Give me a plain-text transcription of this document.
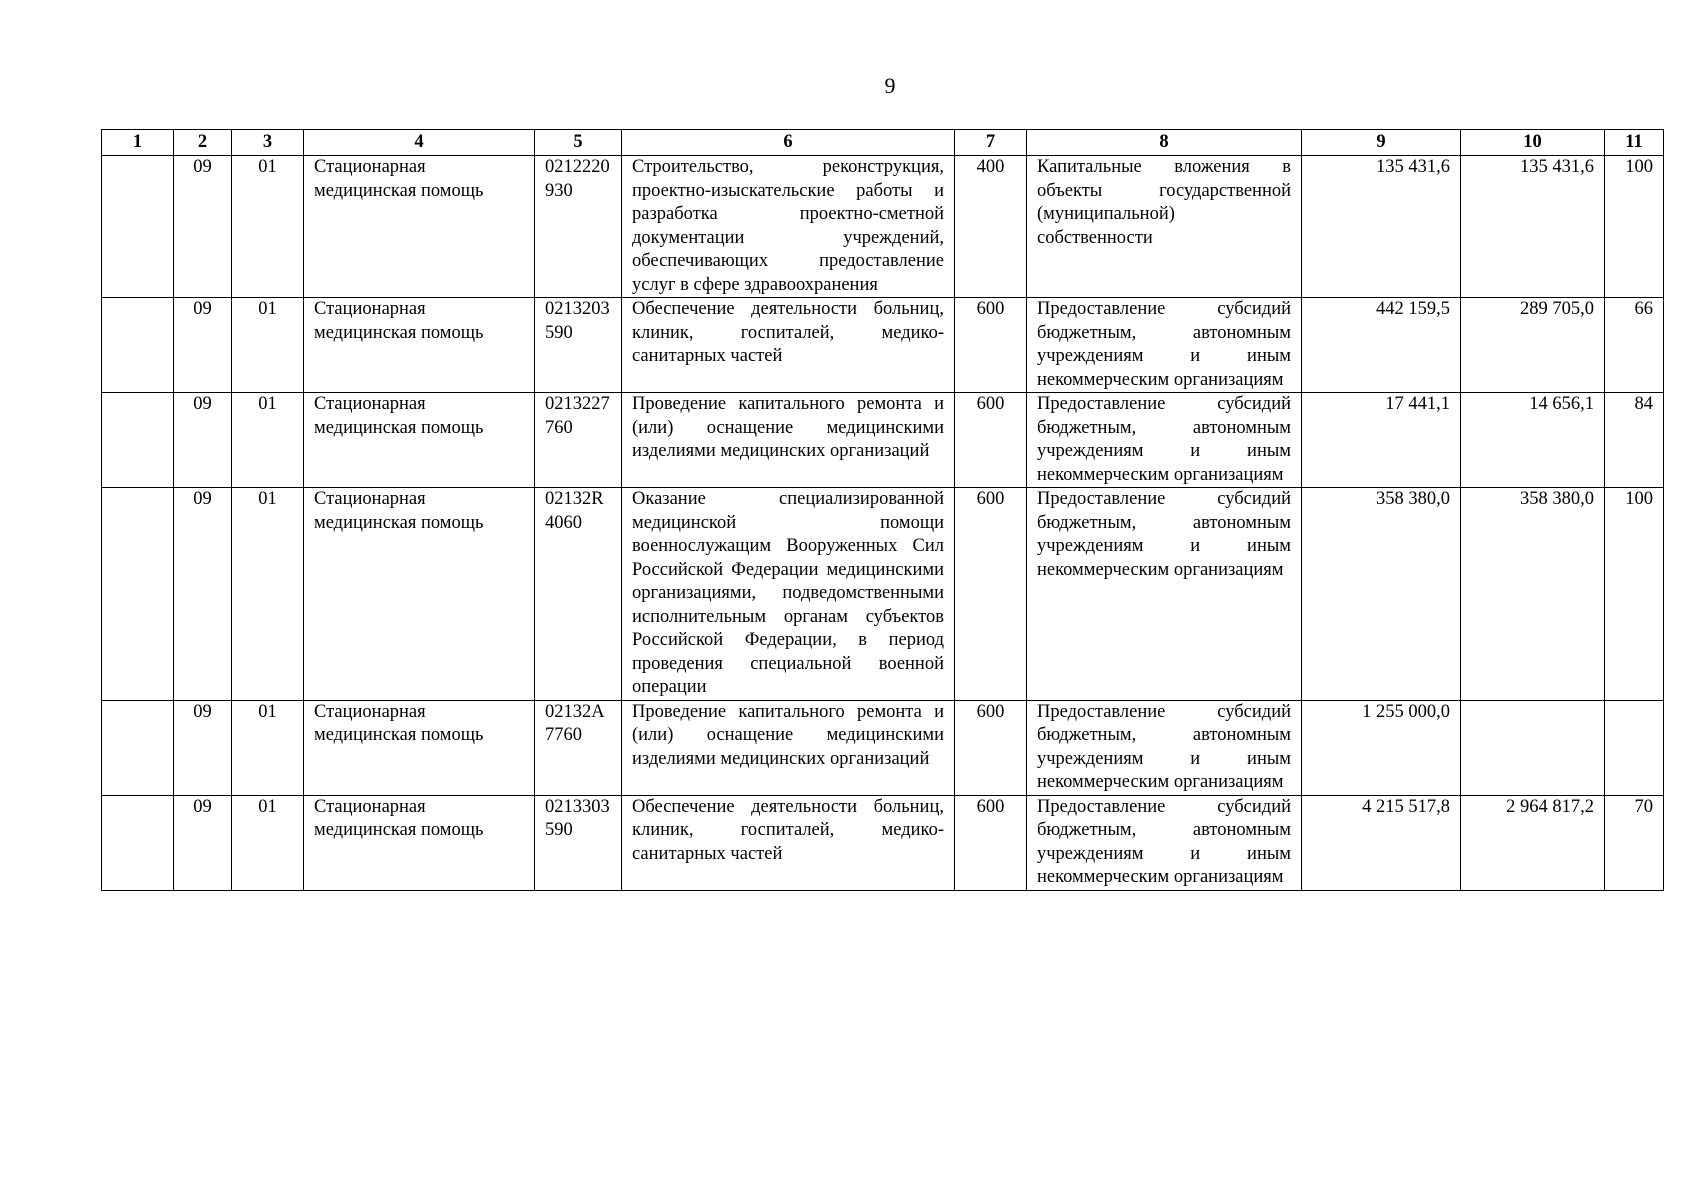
9
1	2	3	4	5	6	7	8	9	10	11
	09	01	Стационарная медицинская помощь	0212220930	Строительство, реконструкция, проектно-изыскательские работы и разработка проектно-сметной документации учреждений, обеспечивающих предоставление услуг в сфере здравоохранения	400	Капитальные вложения в объекты государственной (муниципальной) собственности	135 431,6	135 431,6	100
	09	01	Стационарная медицинская помощь	0213203590	Обеспечение деятельности больниц, клиник, госпиталей, медико-санитарных частей	600	Предоставление субсидий бюджетным, автономным учреждениям и иным некоммерческим организациям	442 159,5	289 705,0	66
	09	01	Стационарная медицинская помощь	0213227760	Проведение капитального ремонта и (или) оснащение медицинскими изделиями медицинских организаций	600	Предоставление субсидий бюджетным, автономным учреждениям и иным некоммерческим организациям	17 441,1	14 656,1	84
	09	01	Стационарная медицинская помощь	02132R4060	Оказание специализированной медицинской помощи военнослужащим Вооруженных Сил Российской Федерации медицинскими организациями, подведомственными исполнительным органам субъектов Российской Федерации, в период проведения специальной военной операции	600	Предоставление субсидий бюджетным, автономным учреждениям и иным некоммерческим организациям	358 380,0	358 380,0	100
	09	01	Стационарная медицинская помощь	02132A7760	Проведение капитального ремонта и (или) оснащение медицинскими изделиями медицинских организаций	600	Предоставление субсидий бюджетным, автономным учреждениям и иным некоммерческим организациям	1 255 000,0		
	09	01	Стационарная медицинская помощь	0213303590	Обеспечение деятельности больниц, клиник, госпиталей, медико-санитарных частей	600	Предоставление субсидий бюджетным, автономным учреждениям и иным некоммерческим организациям	4 215 517,8	2 964 817,2	70
